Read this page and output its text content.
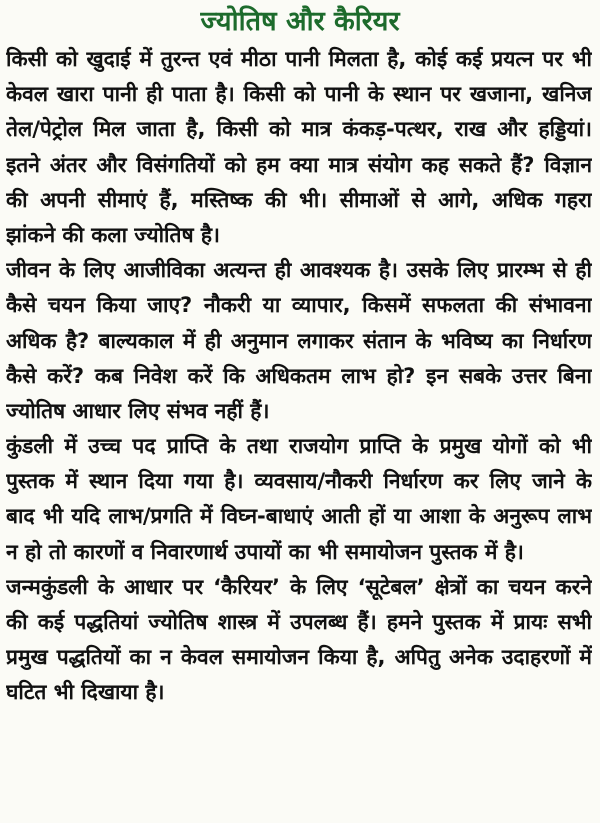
ज्योतिष और कैरियर
किसी को खुदाई में तुरन्त एवं मीठा पानी मिलता है, कोई कई प्रयत्न पर भी
केवल खारा पानी ही पाता है। किसी को पानी के स्थान पर खजाना, खनिज
तेल/पेट्रोल मिल जाता है, किसी को मात्र कंकड़-पत्थर, राख और हड्डियां।
इतने अंतर और विसंगतियों को हम क्या मात्र संयोग कह सकते हैं? विज्ञान
की अपनी सीमाएं हैं, मस्तिष्क की भी। सीमाओं से आगे, अधिक गहरा
झांकने की कला ज्योतिष है।
जीवन के लिए आजीविका अत्यन्त ही आवश्यक है। उसके लिए प्रारम्भ से ही
कैसे चयन किया जाए? नौकरी या व्यापार, किसमें सफलता की संभावना
अधिक है? बाल्यकाल में ही अनुमान लगाकर संतान के भविष्य का निर्धारण
कैसे करें? कब निवेश करें कि अधिकतम लाभ हो? इन सबके उत्तर बिना
ज्योतिष आधार लिए संभव नहीं हैं।
कुंडली में उच्च पद प्राप्ति के तथा राजयोग प्राप्ति के प्रमुख योगों को भी
पुस्तक में स्थान दिया गया है। व्यवसाय/नौकरी निर्धारण कर लिए जाने के
बाद भी यदि लाभ/प्रगति में विघ्न-बाधाएं आती हों या आशा के अनुरूप लाभ
न हो तो कारणों व निवारणार्थ उपायों का भी समायोजन पुस्तक में है।
जन्मकुंडली के आधार पर ‘कैरियर’ के लिए ‘सूटेबल’ क्षेत्रों का चयन करने
की कई पद्धतियां ज्योतिष शास्त्र में उपलब्ध हैं। हमने पुस्तक में प्रायः सभी
प्रमुख पद्धतियों का न केवल समायोजन किया है, अपितु अनेक उदाहरणों में
घटित भी दिखाया है।
